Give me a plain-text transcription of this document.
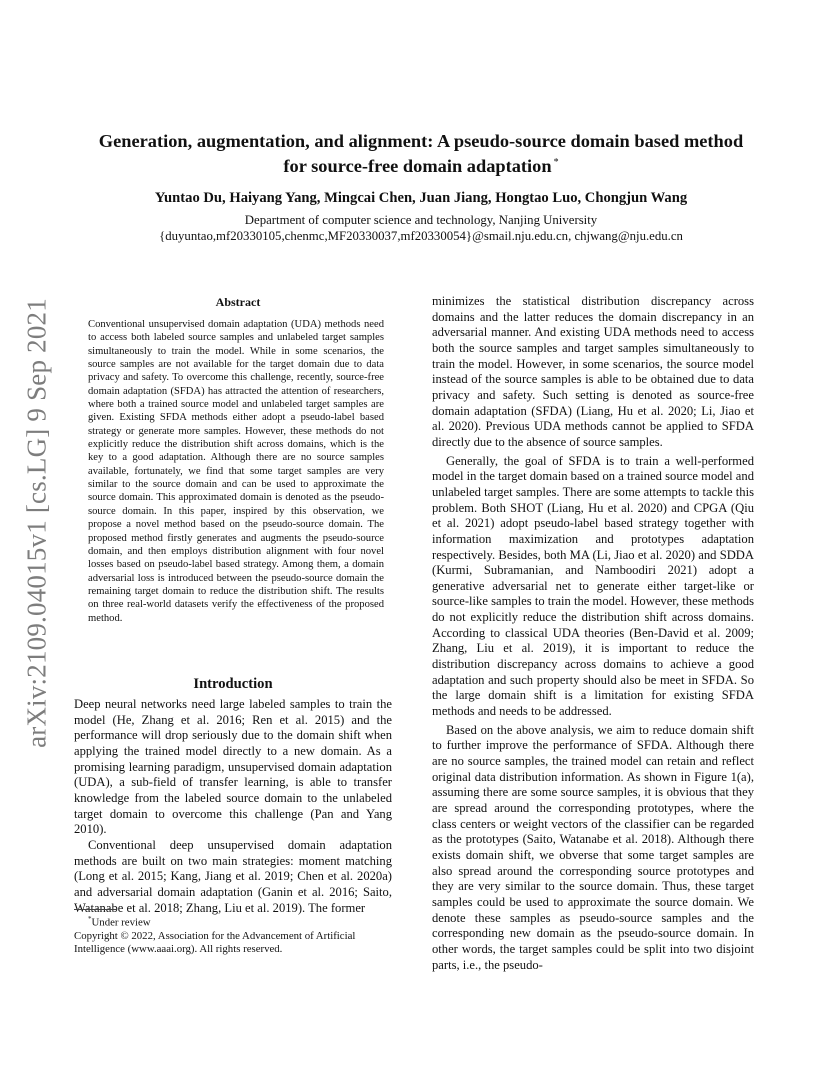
arXiv:2109.04015v1 [cs.LG] 9 Sep 2021
Generation, augmentation, and alignment: A pseudo-source domain based method
for source-free domain adaptation *

Yuntao Du, Haiyang Yang, Mingcai Chen, Juan Jiang, Hongtao Luo, Chongjun Wang

Department of computer science and technology, Nanjing University
{duyuntao,mf20330105,chenmc,MF20330037,mf20330054}@smail.nju.edu.cn, chjwang@nju.edu.cn
Abstract

Conventional unsupervised domain adaptation (UDA) methods need to access both labeled source samples and unlabeled target samples simultaneously to train the model. While in some scenarios, the source samples are not available for the target domain due to data privacy and safety. To overcome this challenge, recently, source-free domain adaptation (SFDA) has attracted the attention of researchers, where both a trained source model and unlabeled target samples are given. Existing SFDA methods either adopt a pseudo-label based strategy or generate more samples. However, these methods do not explicitly reduce the distribution shift across domains, which is the key to a good adaptation. Although there are no source samples available, fortunately, we find that some target samples are very similar to the source domain and can be used to approximate the source domain. This approximated domain is denoted as the pseudo-source domain. In this paper, inspired by this observation, we propose a novel method based on the pseudo-source domain. The proposed method firstly generates and augments the pseudo-source domain, and then employs distribution alignment with four novel losses based on pseudo-label based strategy. Among them, a domain adversarial loss is introduced between the pseudo-source domain the remaining target domain to reduce the distribution shift. The results on three real-world datasets verify the effectiveness of the proposed method.

Introduction

Deep neural networks need large labeled samples to train the model (He, Zhang et al. 2016; Ren et al. 2015) and the performance will drop seriously due to the domain shift when applying the trained model directly to a new domain. As a promising learning paradigm, unsupervised domain adaptation (UDA), a sub-field of transfer learning, is able to transfer knowledge from the labeled source domain to the unlabeled target domain to overcome this challenge (Pan and Yang 2010).

Conventional deep unsupervised domain adaptation methods are built on two main strategies: moment matching (Long et al. 2015; Kang, Jiang et al. 2019; Chen et al. 2020a) and adversarial domain adaptation (Ganin et al. 2016; Saito, Watanabe et al. 2018; Zhang, Liu et al. 2019). The former

minimizes the statistical distribution discrepancy across domains and the latter reduces the domain discrepancy in an adversarial manner. And existing UDA methods need to access both the source samples and target samples simultaneously to train the model. However, in some scenarios, the source model instead of the source samples is able to be obtained due to data privacy and safety. Such setting is denoted as source-free domain adaptation (SFDA) (Liang, Hu et al. 2020; Li, Jiao et al. 2020). Previous UDA methods cannot be applied to SFDA directly due to the absence of source samples.

Generally, the goal of SFDA is to train a well-performed model in the target domain based on a trained source model and unlabeled target samples. There are some attempts to tackle this problem. Both SHOT (Liang, Hu et al. 2020) and CPGA (Qiu et al. 2021) adopt pseudo-label based strategy together with information maximization and prototypes adaptation respectively. Besides, both MA (Li, Jiao et al. 2020) and SDDA (Kurmi, Subramanian, and Namboodiri 2021) adopt a generative adversarial net to generate either target-like or source-like samples to train the model. However, these methods do not explicitly reduce the distribution shift across domains. According to classical UDA theories (Ben-David et al. 2009; Zhang, Liu et al. 2019), it is important to reduce the distribution discrepancy across domains to achieve a good adaptation and such property should also be meet in SFDA. So the large domain shift is a limitation for existing SFDA methods and needs to be addressed.

Based on the above analysis, we aim to reduce domain shift to further improve the performance of SFDA. Although there are no source samples, the trained model can retain and reflect original data distribution information. As shown in Figure 1(a), assuming there are some source samples, it is obvious that they are spread around the corresponding prototypes, where the class centers or weight vectors of the classifier can be regarded as the prototypes (Saito, Watanabe et al. 2018). Although there exists domain shift, we obverse that some target samples are also spread around the corresponding source prototypes and they are very similar to the source domain. Thus, these target samples could be used to approximate the source domain. We denote these samples as pseudo-source samples and the corresponding new domain as the pseudo-source domain. In other words, the target samples could be split into two disjoint parts, i.e., the pseudo-

*Under review

Copyright © 2022, Association for the Advancement of Artificial Intelligence (www.aaai.org). All rights reserved.
